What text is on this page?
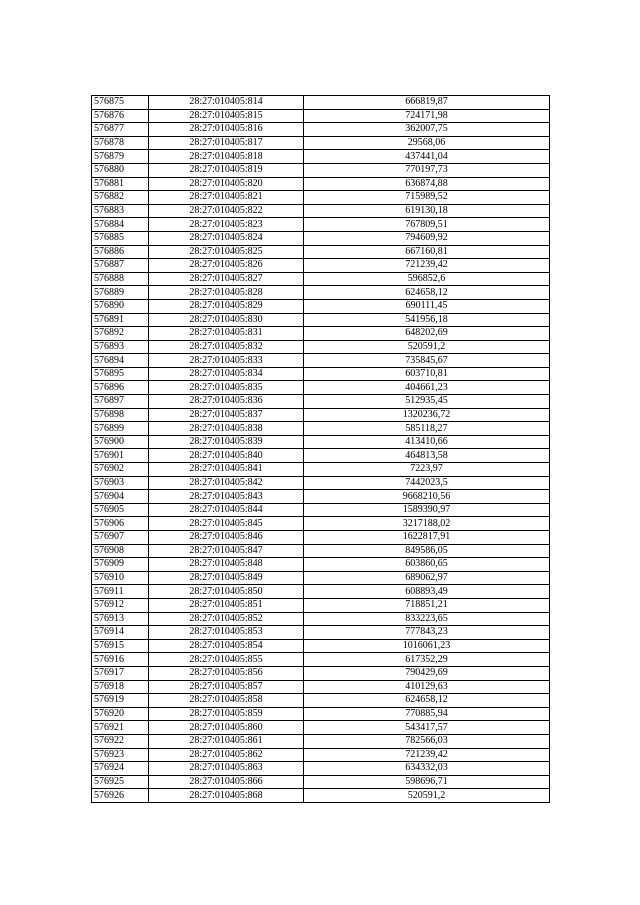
576875	28:27:010405:814	666819,87
576876	28:27:010405:815	724171,98
576877	28:27:010405:816	362007,75
576878	28:27:010405:817	29568,06
576879	28:27:010405:818	437441,04
576880	28:27:010405:819	770197,73
576881	28:27:010405:820	636874,88
576882	28:27:010405:821	715989,52
576883	28:27:010405:822	619130,18
576884	28:27:010405:823	767809,51
576885	28:27:010405:824	794609,92
576886	28:27:010405:825	667160,81
576887	28:27:010405:826	721239,42
576888	28:27:010405:827	596852,6
576889	28:27:010405:828	624658,12
576890	28:27:010405:829	690111,45
576891	28:27:010405:830	541956,18
576892	28:27:010405:831	648202,69
576893	28:27:010405:832	520591,2
576894	28:27:010405:833	735845,67
576895	28:27:010405:834	603710,81
576896	28:27:010405:835	404661,23
576897	28:27:010405:836	512935,45
576898	28:27:010405:837	1320236,72
576899	28:27:010405:838	585118,27
576900	28:27:010405:839	413410,66
576901	28:27:010405:840	464813,58
576902	28:27:010405:841	7223,97
576903	28:27:010405:842	7442023,5
576904	28:27:010405:843	9668210,56
576905	28:27:010405:844	1589390,97
576906	28:27:010405:845	3217188,02
576907	28:27:010405:846	1622817,91
576908	28:27:010405:847	849586,05
576909	28:27:010405:848	603860,65
576910	28:27:010405:849	689062,97
576911	28:27:010405:850	608893,49
576912	28:27:010405:851	718851,21
576913	28:27:010405:852	833223,65
576914	28:27:010405:853	777843,23
576915	28:27:010405:854	1016061,23
576916	28:27:010405:855	617352,29
576917	28:27:010405:856	790429,69
576918	28:27:010405:857	410129,63
576919	28:27:010405:858	624658,12
576920	28:27:010405:859	770885,94
576921	28:27:010405:860	543417,57
576922	28:27:010405:861	782566,03
576923	28:27:010405:862	721239,42
576924	28:27:010405:863	634332,03
576925	28:27:010405:866	598696,71
576926	28:27:010405:868	520591,2
